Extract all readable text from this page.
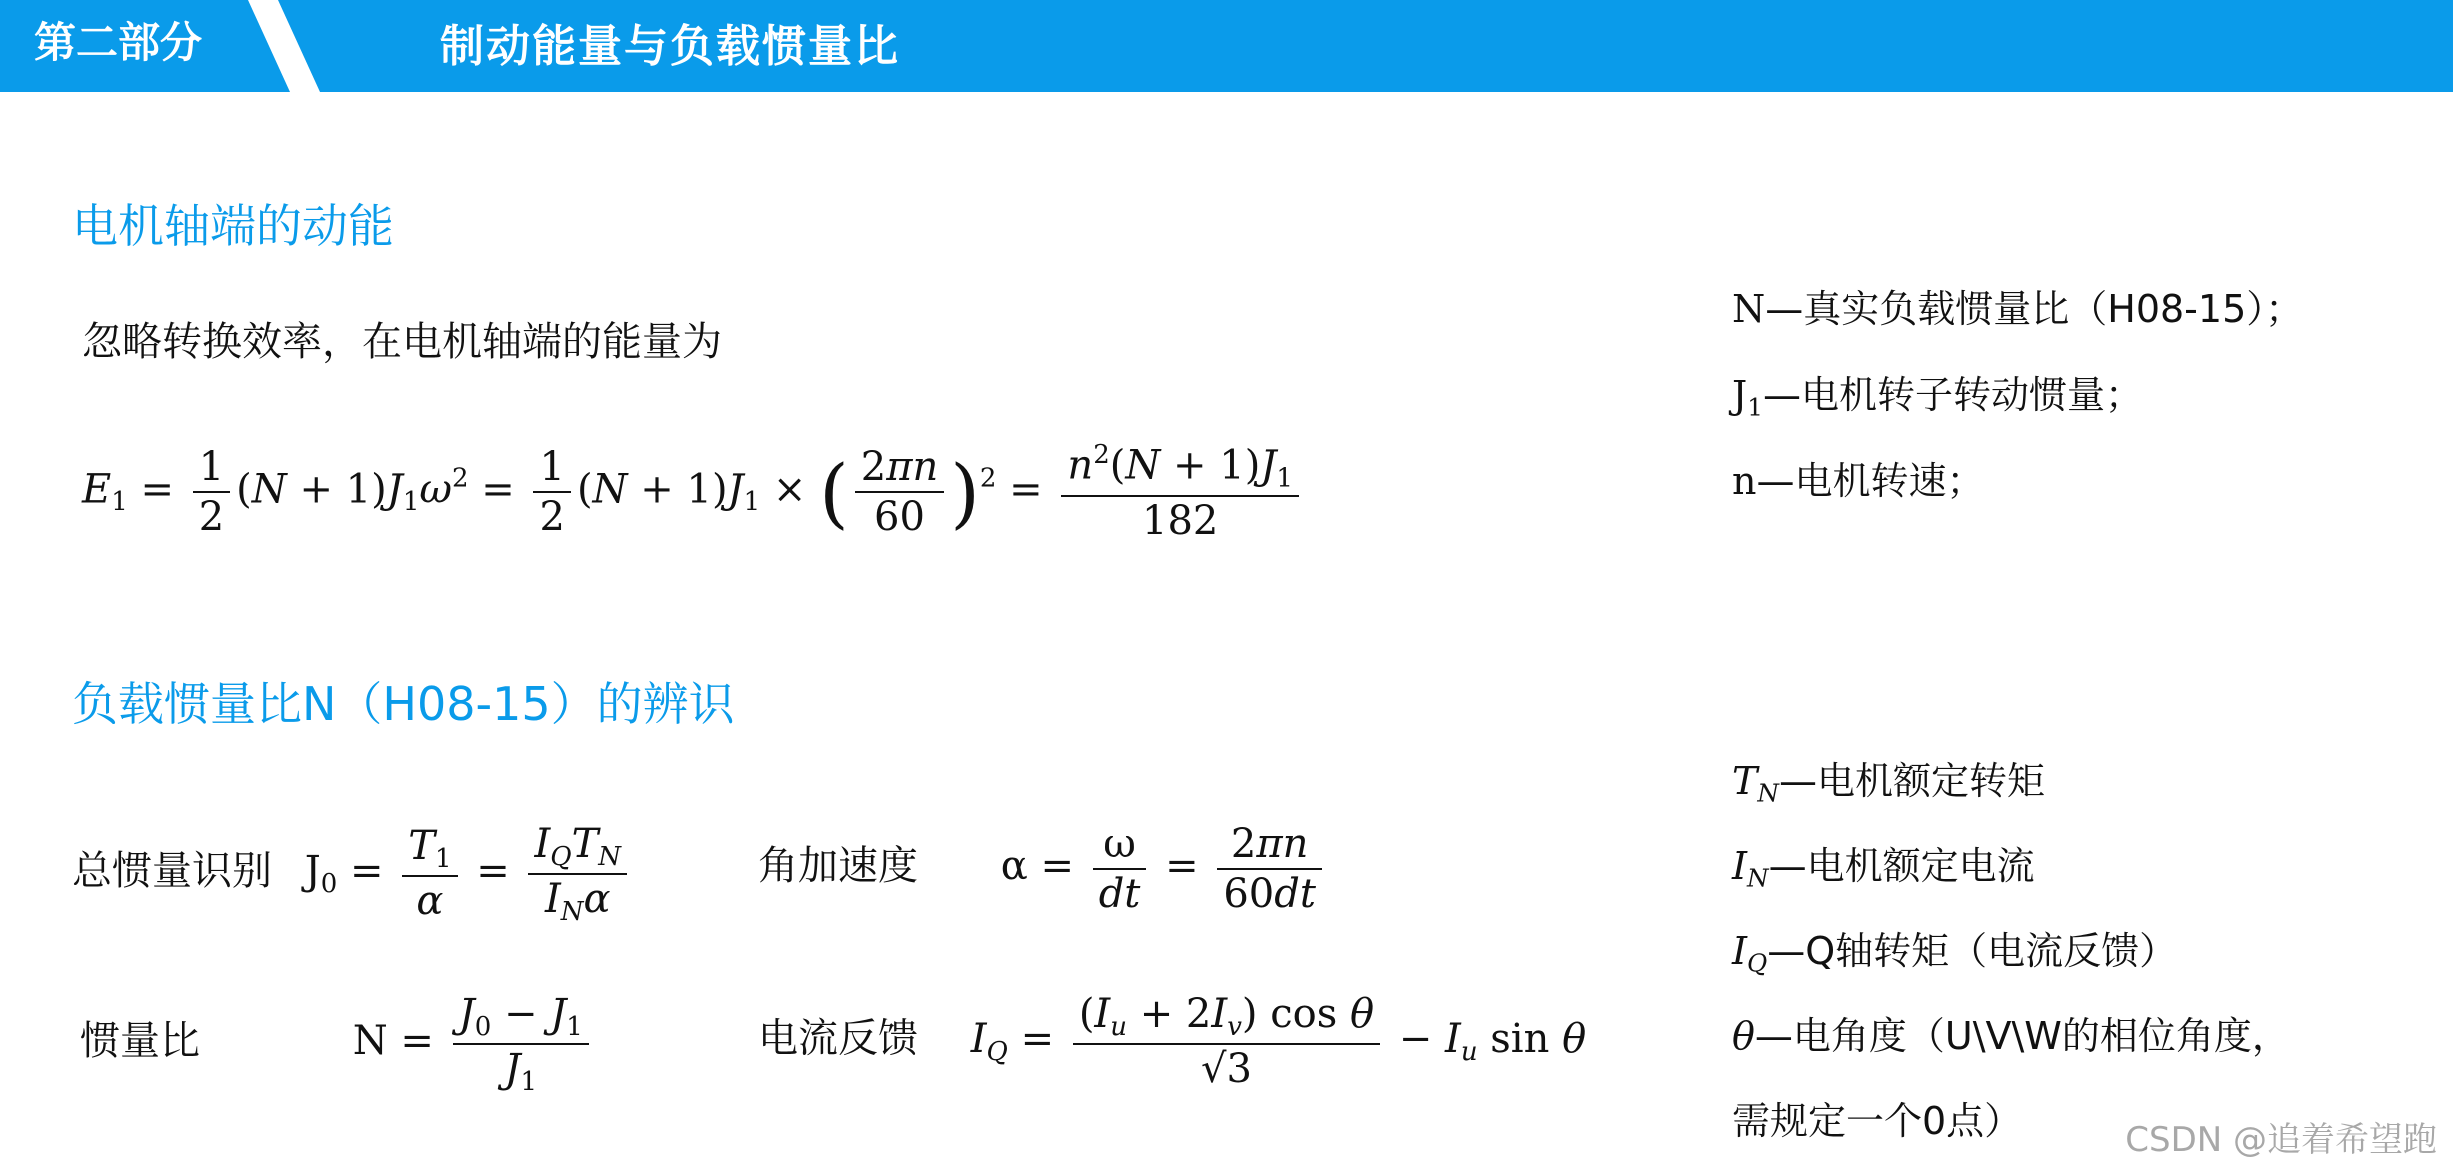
第二部分	制动能量与负载惯量比
电机轴端的动能
忽略转换效率，在电机轴端的能量为
$E_1 = \frac{1}{2} (N + 1)J_1\omega^2 = \frac{1}{2} (N + 1)J_1$ × ( $\frac{2\pi n}{60} )^2 = \frac{n^2(N + 1)J_1}{182}$
N—真实负载惯量比（H08-15）；
$J_1—$电机转子转动惯量；
n—电机转速；
负载惯量比N（H08-15）的辨识
总惯量识别 $J_0 = \frac{T_1}{\alpha} = \frac{I_QT_N}{I_N\alpha}$	角加速度 $\alpha = \frac{\omega}{dt} = \frac{2\pi n}{60dt}$
惯量比	$N = \frac{J_0 - J_1}{J_1}$	电流反馈 $I_Q = \frac{(I_u + 2I_v) \cos \theta}{√3} - I_u$ sin θ
$T_N—$电机额定转矩
$I_N—$电机额定电流
$I_Q—Q$轴转矩（电流反馈）
θ—电角度（U\V\W的相位角度，
需规定一个0点）	CSDN @追着希望跑
